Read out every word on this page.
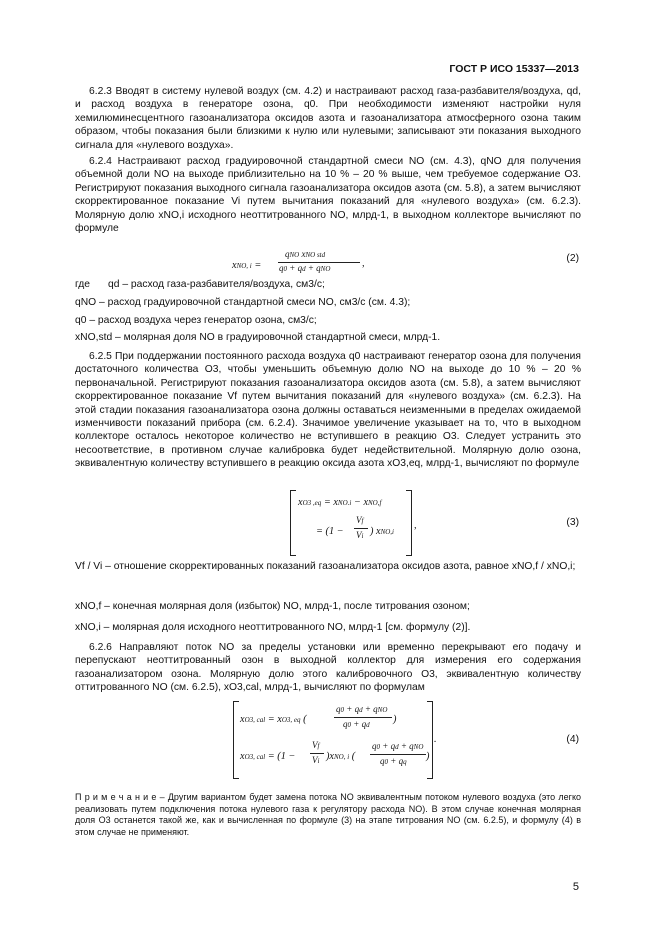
ГОСТ Р ИСО 15337—2013
6.2.3 Вводят в систему нулевой воздух (см. 4.2) и настраивают расход газа-разбавителя/воздуха, qd, и расход воздуха в генераторе озона, q0. При необходимости изменяют настройки нуля хемилюминесцентного газоанализатора оксидов азота и газоанализатора атмосферного озона таким образом, чтобы показания были близкими к нулю или нулевыми; записывают эти показания выходного сигнала для «нулевого воздуха».
6.2.4 Настраивают расход градуировочной стандартной смеси NO (см. 4.3), qNO для получения объемной доли NO на выходе приблизительно на 10 % – 20 % выше, чем требуемое содержание O3. Регистрируют показания выходного сигнала газоанализатора оксидов азота (см. 5.8), а затем вычисляют скорректированное показание Vi путем вычитания показаний для «нулевого воздуха» (см. 6.2.3). Молярную долю xNO,i исходного неоттитрованного NO, млрд-1, в выходном коллекторе вычисляют по формуле
xNO, i =
qNO xNO std
q0 + qd + qNO	,	(2)
где qd – расход газа-разбавителя/воздуха, см3/с;
qNO – расход градуировочной стандартной смеси NO, см3/с (см. 4.3);
q0 – расход воздуха через генератор озона, см3/с;
xNO,std – молярная доля NO в градуировочной стандартной смеси, млрд-1.
6.2.5 При поддержании постоянного расхода воздуха q0 настраивают генератор озона для получения достаточного количества O3, чтобы уменьшить объемную долю NO на выходе до 10 % – 20 % первоначальной. Регистрируют показания газоанализатора оксидов азота (см. 5.8), а затем вычисляют скорректированное показание Vf путем вычитания показаний для «нулевого воздуха» (см. 6.2.3). На этой стадии показания газоанализатора озона должны оставаться неизменными в пределах ожидаемой изменчивости показаний прибора (см. 6.2.4). Значимое увеличение указывает на то, что в выходном коллекторе осталось некоторое количество не вступившего в реакцию O3. Следует устранить это несоответствие, в противном случае калибровка будет недействительной. Молярную долю озона, эквивалентную количеству вступившего в реакцию оксида азота xO3,eq, млрд-1, вычисляют по формуле
xO3 ,eq = xNO.i − xNO,f
= (1 −
Vf
Vi ) xNO,i
,	(3)
Vf / Vi – отношение скорректированных показаний газоанализатора оксидов азота, равное xNO,f / xNO,i;
xNO,f – конечная молярная доля (избыток) NO, млрд-1, после титрования озоном;
xNO,i – молярная доля исходного неоттитрованного NO, млрд-1 [см. формулу (2)].
6.2.6 Направляют поток NO за пределы установки или временно перекрывают его подачу и перепускают неоттитрованный озон в выходной коллектор для измерения его содержания газоанализатором озона. Молярную долю этого калибровочного O3, эквивалентную количеству оттитрованного NO (см. 6.2.5), xO3,cal, млрд-1, вычисляют по формулам
xO3, cal = xO3, eq (
q0 + qd + qNO
q0 + qd )
xO3, cal = (1 −
Vf
Vi )xNO, i (
q0 + qd + qNO
q0 + qq )
.	(4)
П р и м е ч а н и е – Другим вариантом будет замена потока NO эквивалентным потоком нулевого воздуха (это легко реализовать путем подключения потока нулевого газа к регулятору расхода NO). В этом случае конечная молярная доля O3 останется такой же, как и вычисленная по формуле (3) на этапе титрования NO (см. 6.2.5), и формулу (4) в этом случае не применяют.
5
